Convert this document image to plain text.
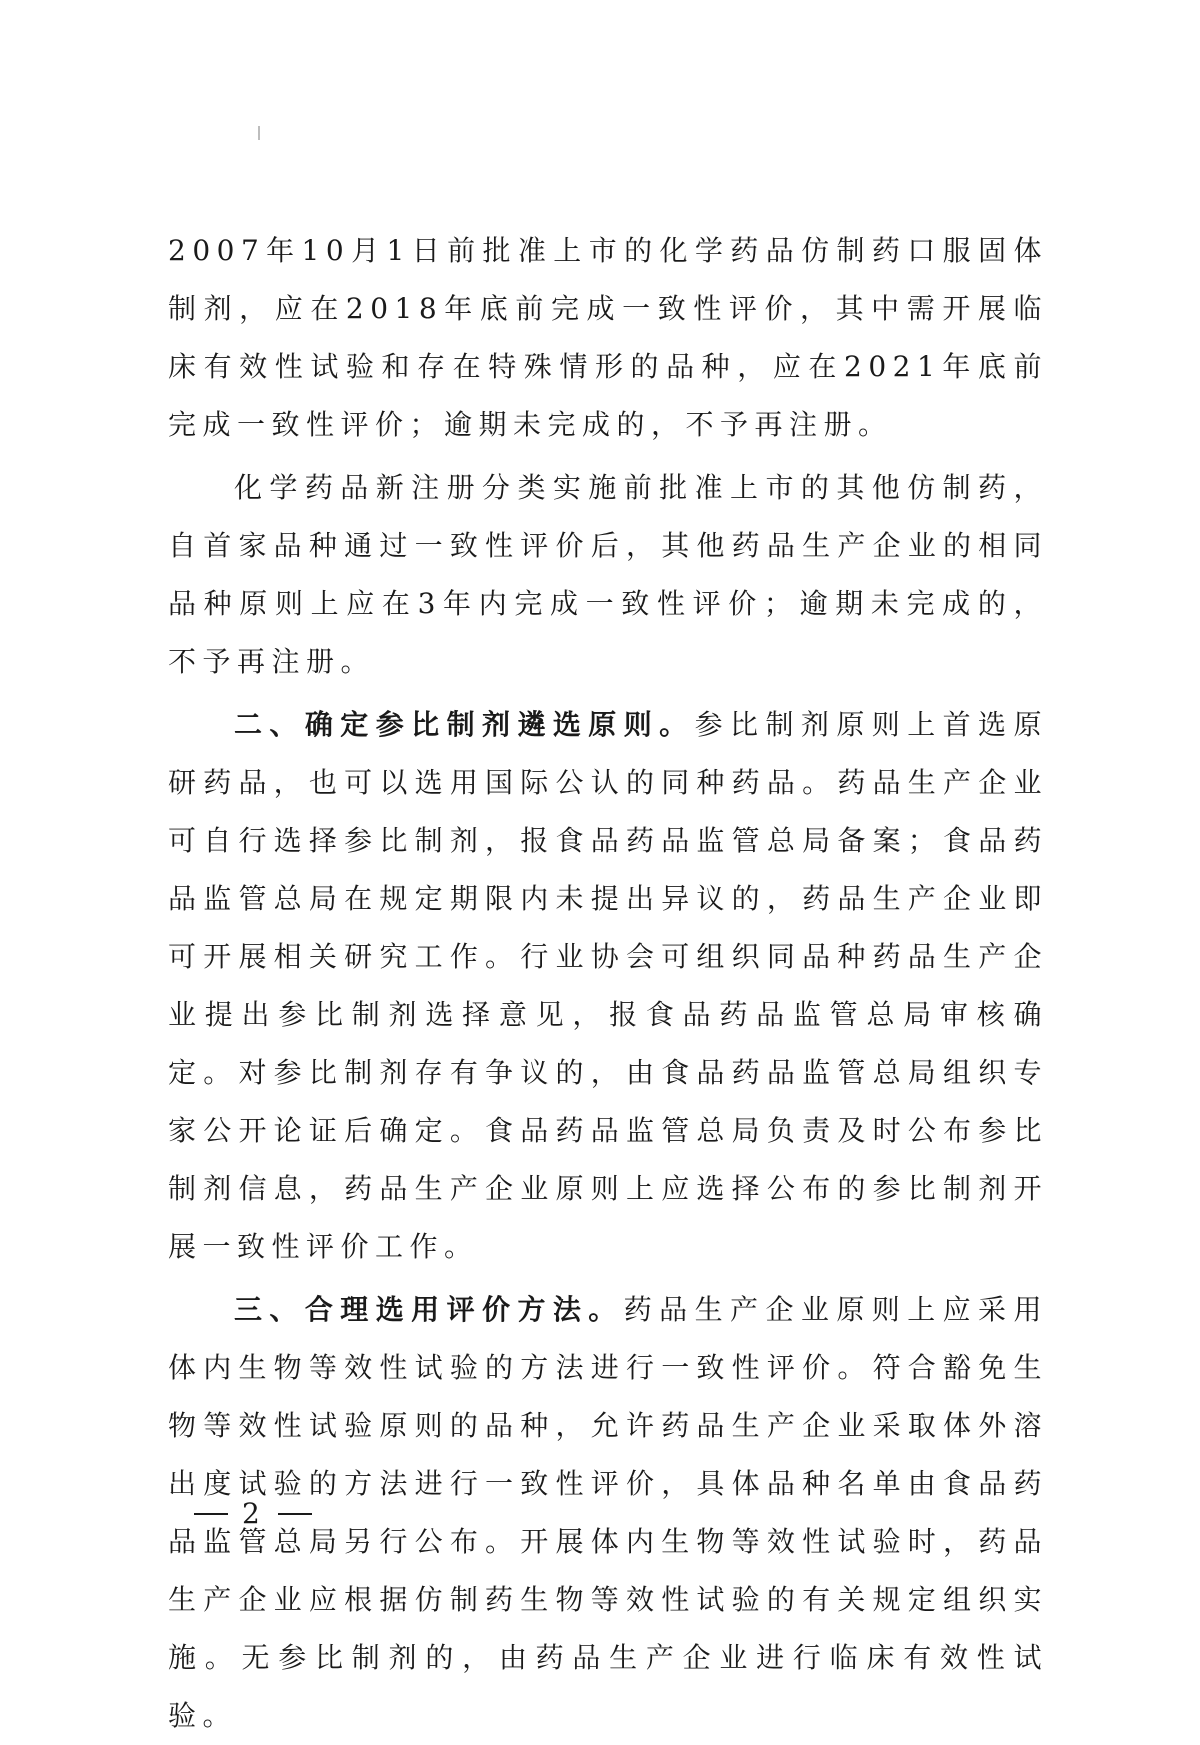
2007年10月1日前批准上市的化学药品仿制药口服固体制剂，应在2018年底前完成一致性评价，其中需开展临床有效性试验和存在特殊情形的品种，应在2021年底前完成一致性评价；逾期未完成的，不予再注册。

化学药品新注册分类实施前批准上市的其他仿制药，自首家品种通过一致性评价后，其他药品生产企业的相同品种原则上应在3年内完成一致性评价；逾期未完成的，不予再注册。

二、确定参比制剂遴选原则。参比制剂原则上首选原研药品，也可以选用国际公认的同种药品。药品生产企业可自行选择参比制剂，报食品药品监管总局备案；食品药品监管总局在规定期限内未提出异议的，药品生产企业即可开展相关研究工作。行业协会可组织同品种药品生产企业提出参比制剂选择意见，报食品药品监管总局审核确定。对参比制剂存有争议的，由食品药品监管总局组织专家公开论证后确定。食品药品监管总局负责及时公布参比制剂信息，药品生产企业原则上应选择公布的参比制剂开展一致性评价工作。

三、合理选用评价方法。药品生产企业原则上应采用体内生物等效性试验的方法进行一致性评价。符合豁免生物等效性试验原则的品种，允许药品生产企业采取体外溶出度试验的方法进行一致性评价，具体品种名单由食品药品监管总局另行公布。开展体内生物等效性试验时，药品生产企业应根据仿制药生物等效性试验的有关规定组织实施。无参比制剂的，由药品生产企业进行临床有效性试验。

2
